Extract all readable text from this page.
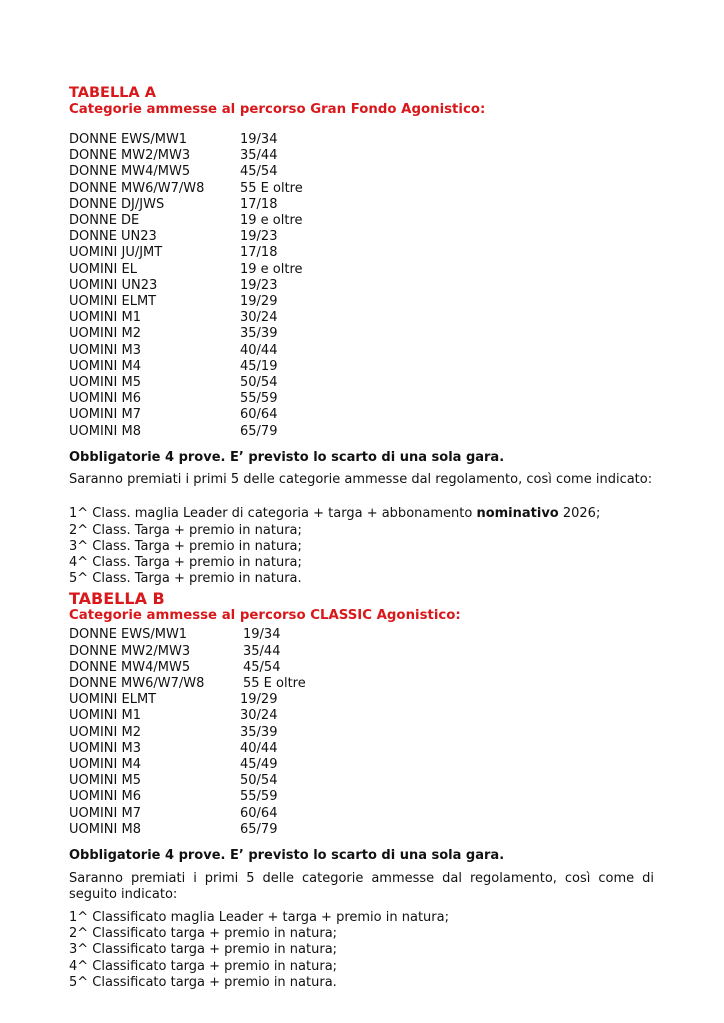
TABELLA A
Categorie ammesse al percorso Gran Fondo Agonistico:
DONNE EWS/MW1	19/34
DONNE MW2/MW3	35/44
DONNE MW4/MW5	45/54
DONNE MW6/W7/W8	55 E oltre
DONNE DJ/JWS	17/18
DONNE DE	19 e oltre
DONNE UN23	19/23
UOMINI JU/JMT	17/18
UOMINI EL	19 e oltre
UOMINI UN23	19/23
UOMINI ELMT	19/29
UOMINI M1	30/24
UOMINI M2	35/39
UOMINI M3	40/44
UOMINI M4	45/19
UOMINI M5	50/54
UOMINI M6	55/59
UOMINI M7	60/64
UOMINI M8	65/79
Obbligatorie 4 prove. E’ previsto lo scarto di una sola gara.
Saranno premiati i primi 5 delle categorie ammesse dal regolamento, così come indicato:
1^ Class. maglia Leader di categoria + targa + abbonamento nominativo 2026;
2^ Class. Targa + premio in natura;
3^ Class. Targa + premio in natura;
4^ Class. Targa + premio in natura;
5^ Class. Targa + premio in natura.
TABELLA B
Categorie ammesse al percorso CLASSIC Agonistico:
DONNE EWS/MW1	19/34
DONNE MW2/MW3	35/44
DONNE MW4/MW5	45/54
DONNE MW6/W7/W8	55 E oltre
UOMINI ELMT	19/29
UOMINI M1	30/24
UOMINI M2	35/39
UOMINI M3	40/44
UOMINI M4	45/49
UOMINI M5	50/54
UOMINI M6	55/59
UOMINI M7	60/64
UOMINI M8	65/79
Obbligatorie 4 prove. E’ previsto lo scarto di una sola gara.
Saranno premiati i primi 5 delle categorie ammesse dal regolamento, così come di seguito indicato:
1^ Classificato maglia Leader + targa + premio in natura;
2^ Classificato targa + premio in natura;
3^ Classificato targa + premio in natura;
4^ Classificato targa + premio in natura;
5^ Classificato targa + premio in natura.
